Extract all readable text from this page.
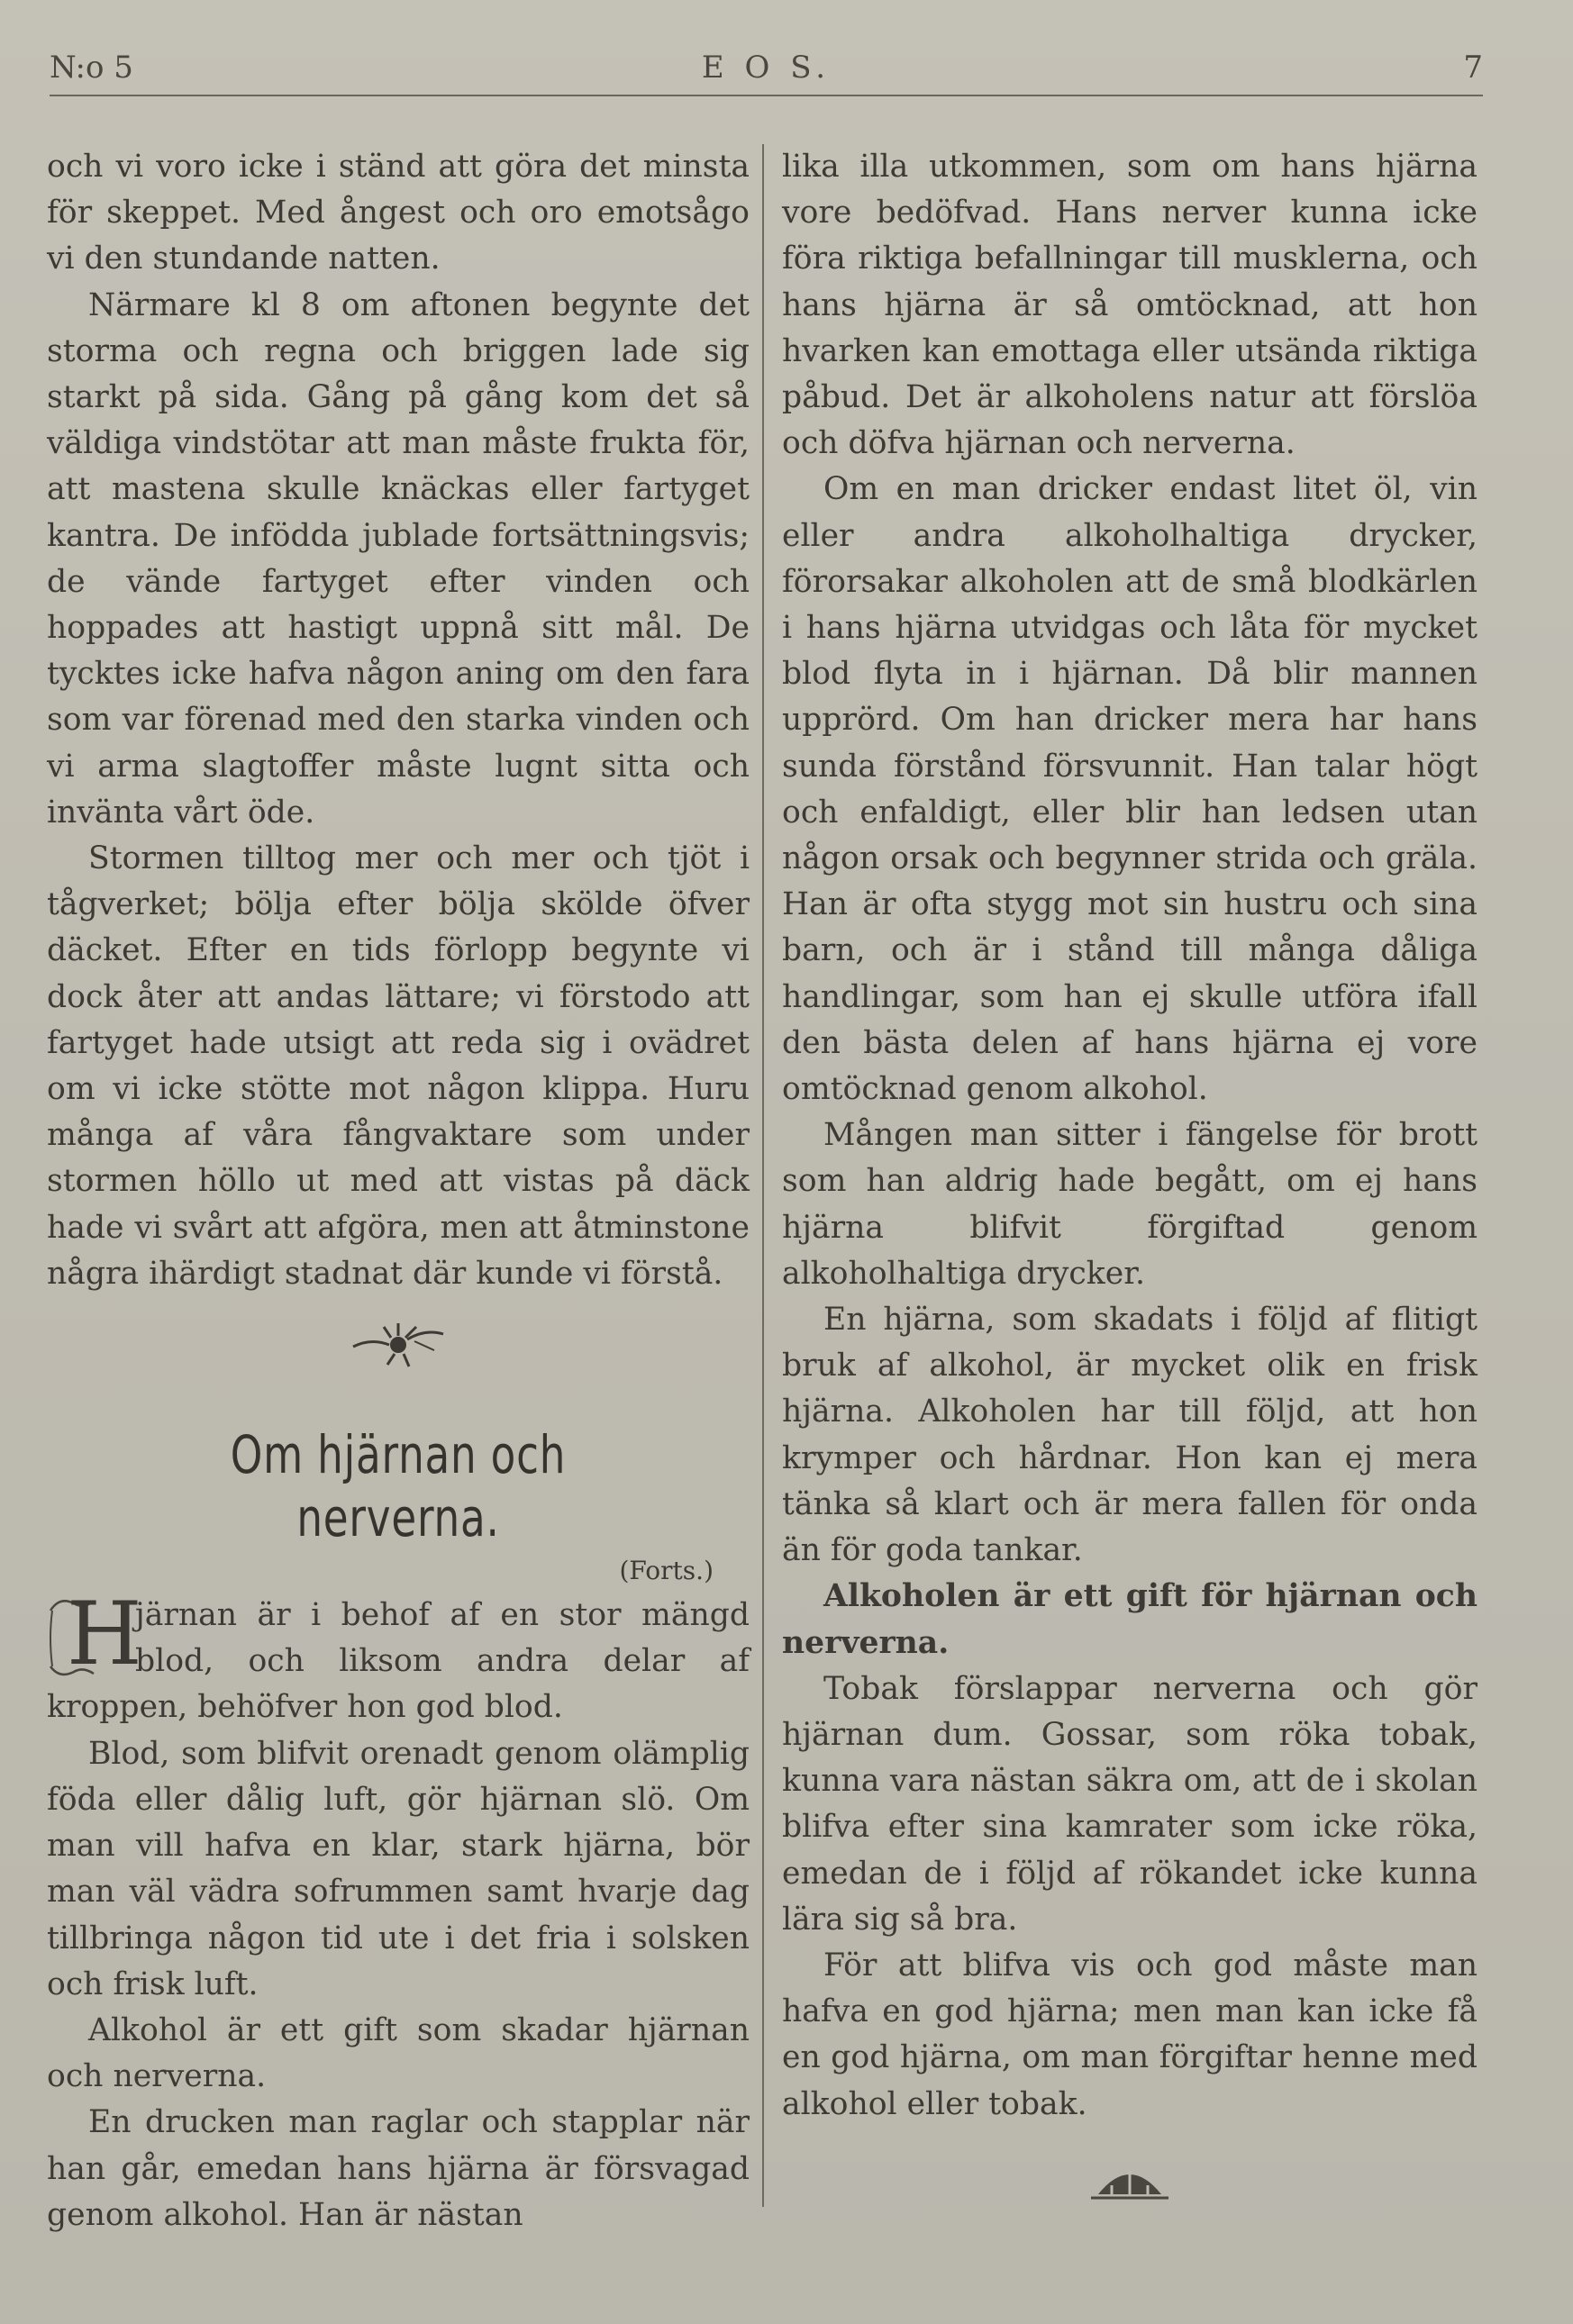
N:o 5	E O S.	7

och vi voro icke i ständ att göra det minsta för skeppet. Med ångest och oro emotsågo vi den stundande natten.

Närmare kl 8 om aftonen begynte det storma och regna och briggen lade sig starkt på sida. Gång på gång kom det så väldiga vindstötar att man måste frukta för, att mastena skulle knäckas eller fartyget kantra. De infödda jublade fortsättningsvis; de vände fartyget efter vinden och hoppades att hastigt uppnå sitt mål. De tycktes icke hafva någon aning om den fara som var förenad med den starka vinden och vi arma slagtoffer måste lugnt sitta och invänta vårt öde.

Stormen tilltog mer och mer och tjöt i tågverket; bölja efter bölja sköldе öfver däcket. Efter en tids förlopp begynte vi dock åter att andas lättare; vi förstodo att fartyget hade utsigt att reda sig i ovädret om vi icke stötte mot någon klippa. Huru många af våra fångvaktare som under stormen höllo ut med att vistas på däck hade vi svårt att afgöra, men att åtminstone några ihärdigt stadnat där kunde vi förstå.

Om hjärnan och nerverna.
(Forts.)
H

järnan är i behof af en stor mängd blod, och liksom andra delar af kroppen, behöfver hon god blod.

Blod, som blifvit orenadt genom olämplig föda eller dålig luft, gör hjärnan slö. Om man vill hafva en klar, stark hjärna, bör man väl vädra sofrummen samt hvarje dag tillbringa någon tid ute i det fria i solsken och frisk luft.

Alkohol är ett gift som skadar hjärnan och nerverna.

En drucken man raglar och stapplar när han går, emedan hans hjärna är försvagad genom alkohol. Han är nästan

lika illa utkommen, som om hans hjärna vore bedöfvad. Hans nerver kunna icke föra riktiga befallningar till musklerna, och hans hjärna är så omtöcknad, att hon hvarken kan emottaga eller utsända riktiga påbud. Det är alkoholens natur att förslöa och döfva hjärnan och nerverna.

Om en man dricker endast litet öl, vin eller andra alkoholhaltiga drycker, förorsakar alkoholen att de små blodkärlen i hans hjärna utvidgas och låta för mycket blod flyta in i hjärnan. Då blir mannen upprörd. Om han dricker mera har hans sunda förstånd försvunnit. Han talar högt och enfaldigt, eller blir han ledsen utan någon orsak och begynner strida och gräla. Han är ofta stygg mot sin hustru och sina barn, och är i stånd till många dåliga handlingar, som han ej skulle utföra ifall den bästa delen af hans hjärna ej vore omtöcknad genom alkohol.

Mången man sitter i fängelse för brott som han aldrig hade begått, om ej hans hjärna blifvit förgiftad genom alkoholhaltiga drycker.

En hjärna, som skadats i följd af flitigt bruk af alkohol, är mycket olik en frisk hjärna. Alkoholen har till följd, att hon krymper och hårdnar. Hon kan ej mera tänka så klart och är mera fallen för onda än för goda tankar.

Alkoholen är ett gift för hjärnan och nerverna.

Tobak förslappar nerverna och gör hjärnan dum. Gossar, som röka tobak, kunna vara nästan säkra om, att de i skolan blifva efter sina kamrater som icke röka, emedan de i följd af rökandet icke kunna lära sig så bra.

För att blifva vis och god måste man hafva en god hjärna; men man kan icke få en god hjärna, om man förgiftar henne med alkohol eller tobak.
